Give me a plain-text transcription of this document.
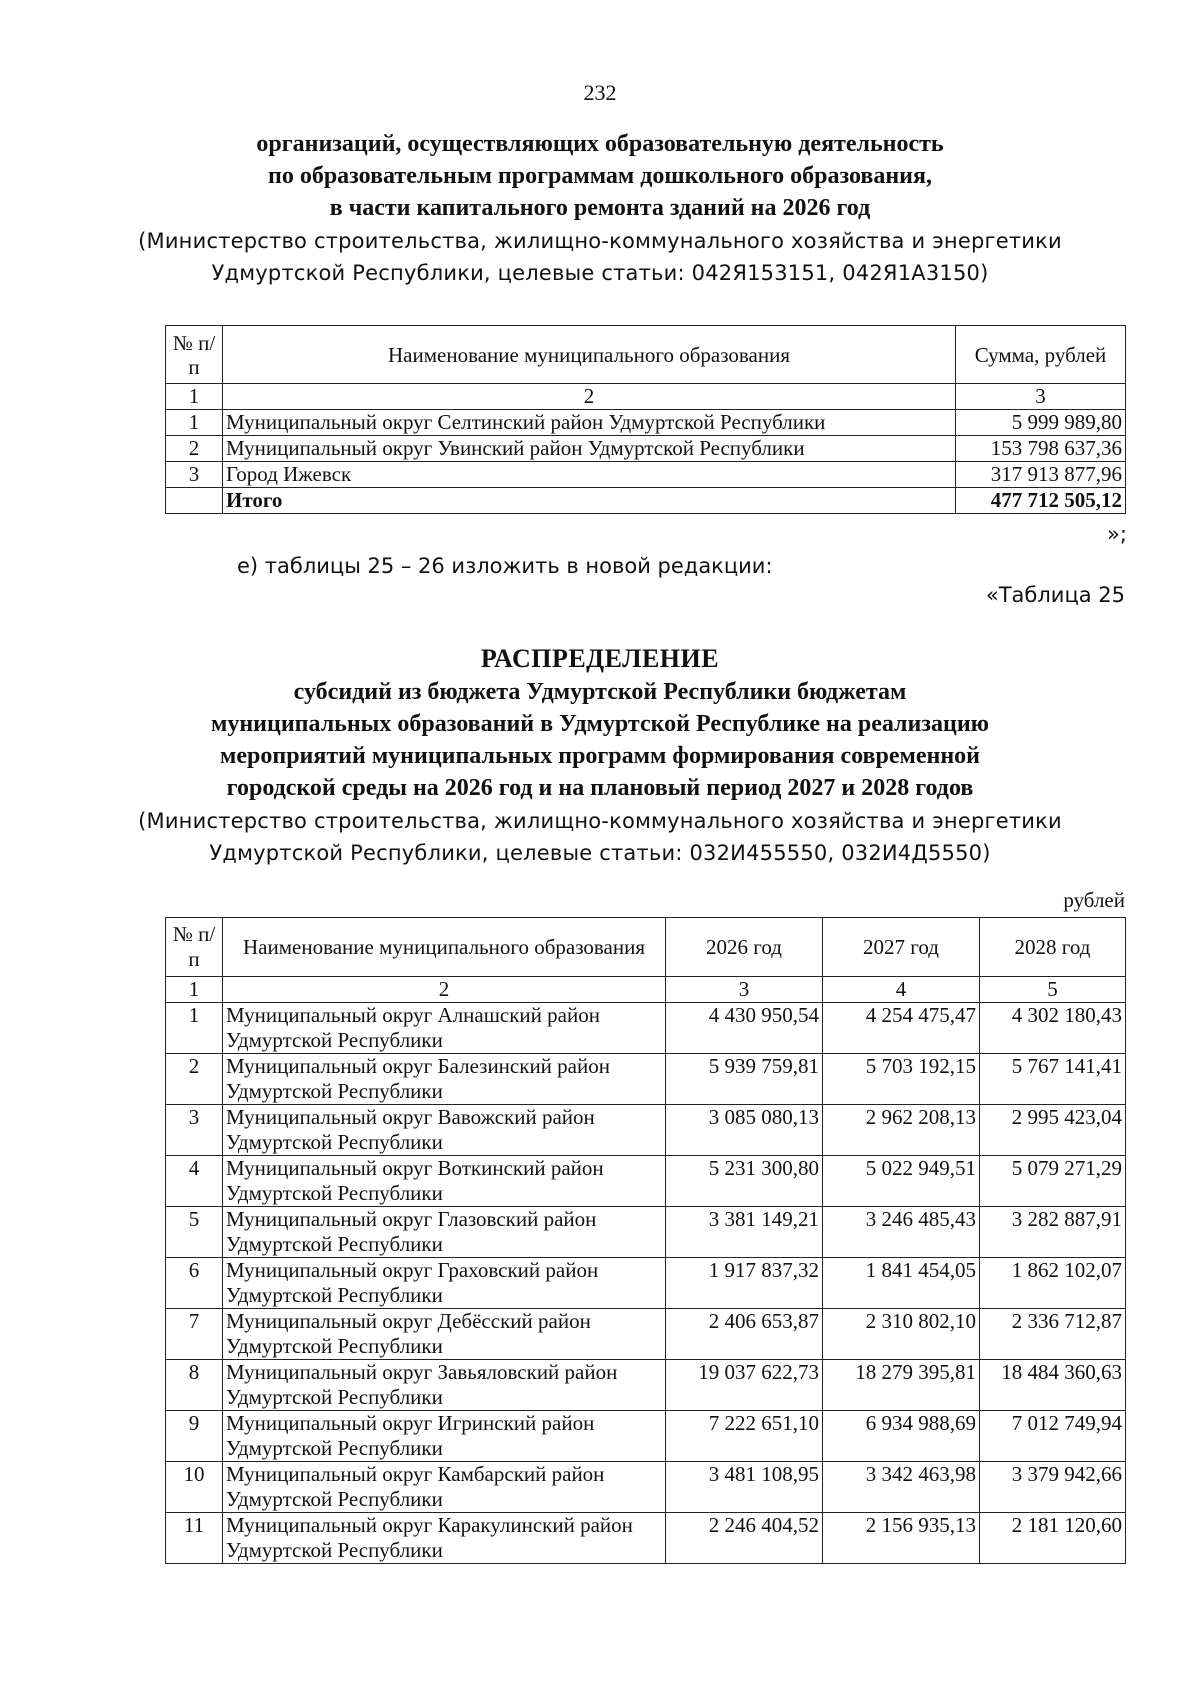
232
организаций, осуществляющих образовательную деятельность
по образовательным программам дошкольного образования,
в части капитального ремонта зданий на 2026 год
(Министерство строительства, жилищно-коммунального хозяйства и энергетики
Удмуртской Республики, целевые статьи: 042Я153151, 042Я1А3150)
№ п/п	Наименование муниципального образования	Сумма, рублей
1	2	3
1	Муниципальный округ Селтинский район Удмуртской Республики	5 999 989,80
2	Муниципальный округ Увинский район Удмуртской Республики	153 798 637,36
3	Город Ижевск	317 913 877,96
	Итого	477 712 505,12
»;
е) таблицы 25 – 26 изложить в новой редакции:
«Таблица 25
РАСПРЕДЕЛЕНИЕ
субсидий из бюджета Удмуртской Республики бюджетам
муниципальных образований в Удмуртской Республике на реализацию
мероприятий муниципальных программ формирования современной
городской среды на 2026 год и на плановый период 2027 и 2028 годов
(Министерство строительства, жилищно-коммунального хозяйства и энергетики
Удмуртской Республики, целевые статьи: 032И455550, 032И4Д5550)
рублей
№ п/п	Наименование муниципального образования	2026 год	2027 год	2028 год
1	2	3	4	5
1	Муниципальный округ Алнашский район Удмуртской Республики	4 430 950,54	4 254 475,47	4 302 180,43
2	Муниципальный округ Балезинский район Удмуртской Республики	5 939 759,81	5 703 192,15	5 767 141,41
3	Муниципальный округ Вавожский район Удмуртской Республики	3 085 080,13	2 962 208,13	2 995 423,04
4	Муниципальный округ Воткинский район Удмуртской Республики	5 231 300,80	5 022 949,51	5 079 271,29
5	Муниципальный округ Глазовский район Удмуртской Республики	3 381 149,21	3 246 485,43	3 282 887,91
6	Муниципальный округ Граховский район Удмуртской Республики	1 917 837,32	1 841 454,05	1 862 102,07
7	Муниципальный округ Дебёсский район Удмуртской Республики	2 406 653,87	2 310 802,10	2 336 712,87
8	Муниципальный округ Завьяловский район Удмуртской Республики	19 037 622,73	18 279 395,81	18 484 360,63
9	Муниципальный округ Игринский район Удмуртской Республики	7 222 651,10	6 934 988,69	7 012 749,94
10	Муниципальный округ Камбарский район Удмуртской Республики	3 481 108,95	3 342 463,98	3 379 942,66
11	Муниципальный округ Каракулинский район Удмуртской Республики	2 246 404,52	2 156 935,13	2 181 120,60
